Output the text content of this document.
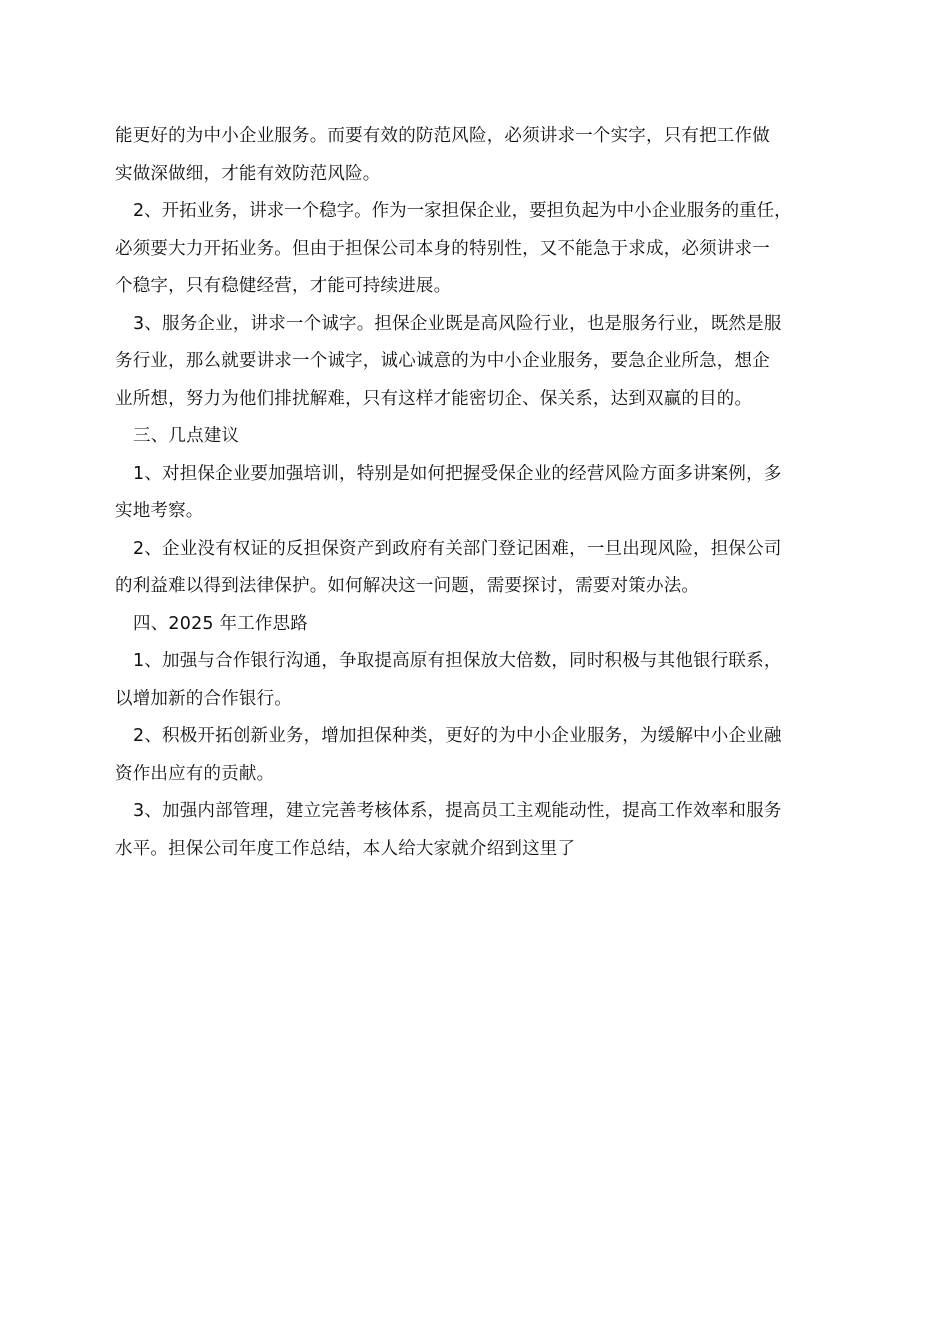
能更好的为中小企业服务。而要有效的防范风险，必须讲求一个实字，只有把工作做
实做深做细，才能有效防范风险。
2、开拓业务，讲求一个稳字。作为一家担保企业，要担负起为中小企业服务的重任，
必须要大力开拓业务。但由于担保公司本身的特别性，又不能急于求成，必须讲求一
个稳字，只有稳健经营，才能可持续进展。
3、服务企业，讲求一个诚字。担保企业既是高风险行业，也是服务行业，既然是服
务行业，那么就要讲求一个诚字，诚心诚意的为中小企业服务，要急企业所急，想企
业所想，努力为他们排扰解难，只有这样才能密切企、保关系，达到双赢的目的。
三、几点建议
1、对担保企业要加强培训，特别是如何把握受保企业的经营风险方面多讲案例，多
实地考察。
2、企业没有权证的反担保资产到政府有关部门登记困难，一旦出现风险，担保公司
的利益难以得到法律保护。如何解决这一问题，需要探讨，需要对策办法。
四、2025 年工作思路
1、加强与合作银行沟通，争取提高原有担保放大倍数，同时积极与其他银行联系，
以增加新的合作银行。
2、积极开拓创新业务，增加担保种类，更好的为中小企业服务，为缓解中小企业融
资作出应有的贡献。
3、加强内部管理，建立完善考核体系，提高员工主观能动性，提高工作效率和服务
水平。担保公司年度工作总结，本人给大家就介绍到这里了
